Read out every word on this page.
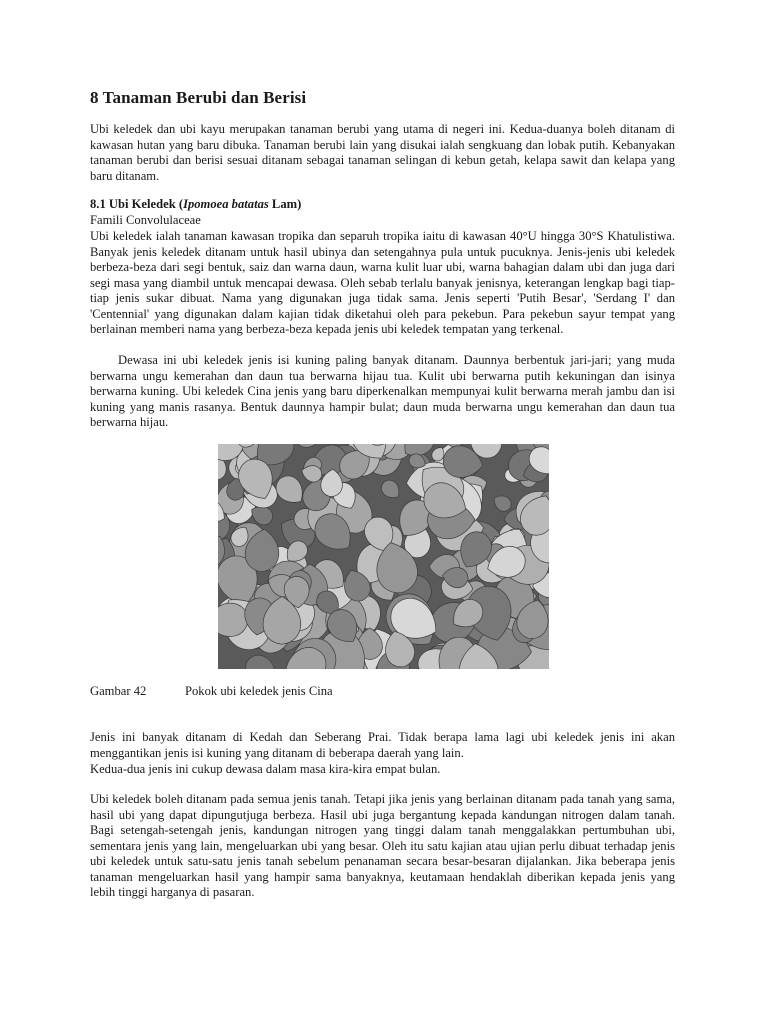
8 Tanaman Berubi dan Berisi

Ubi keledek dan ubi kayu merupakan tanaman berubi yang utama di negeri ini. Kedua-duanya boleh ditanam di kawasan hutan yang baru dibuka. Tanaman berubi lain yang disukai ialah sengkuang dan lobak putih. Kebanyakan tanaman berubi dan berisi sesuai ditanam sebagai tanaman selingan di kebun getah, kelapa sawit dan kelapa yang baru ditanam.

8.1 Ubi Keledek (Ipomoea batatas Lam)

Famili Convolulaceae

Ubi keledek ialah tanaman kawasan tropika dan separuh tropika iaitu di kawasan 40°U hingga 30°S Khatulistiwa. Banyak jenis keledek ditanam untuk hasil ubinya dan setengahnya pula untuk pucuknya. Jenis-jenis ubi keledek berbeza-beza dari segi bentuk, saiz dan warna daun, warna kulit luar ubi, warna bahagian dalam ubi dan juga dari segi masa yang diambil untuk mencapai dewasa. Oleh sebab terlalu banyak jenisnya, keterangan lengkap bagi tiap-tiap jenis sukar dibuat. Nama yang digunakan juga tidak sama. Jenis seperti 'Putih Besar', 'Serdang I' dan 'Centennial' yang digunakan dalam kajian tidak diketahui oleh para pekebun. Para pekebun sayur tempat yang berlainan memberi nama yang berbeza-beza kepada jenis ubi keledek tempatan yang terkenal.

Dewasa ini ubi keledek jenis isi kuning paling banyak ditanam. Daunnya berbentuk jari-jari; yang muda berwarna ungu kemerahan dan daun tua berwarna hijau tua. Kulit ubi berwarna putih kekuningan dan isinya berwarna kuning. Ubi keledek Cina jenis yang baru diperkenalkan mempunyai kulit berwarna merah jambu dan isi kuning yang manis rasanya. Bentuk daunnya hampir bulat; daun muda berwarna ungu kemerahan dan daun tua berwarna hijau.

Gambar 42	Pokok ubi keledek jenis Cina

Jenis ini banyak ditanam di Kedah dan Seberang Prai. Tidak berapa lama lagi ubi keledek jenis ini akan menggantikan jenis isi kuning yang ditanam di beberapa daerah yang lain.

Kedua-dua jenis ini cukup dewasa dalam masa kira-kira empat bulan.

Ubi keledek boleh ditanam pada semua jenis tanah. Tetapi jika jenis yang berlainan ditanam pada tanah yang sama, hasil ubi yang dapat dipungutjuga berbeza. Hasil ubi juga bergantung kepada kandungan nitrogen dalam tanah. Bagi setengah-setengah jenis, kandungan nitrogen yang tinggi dalam tanah menggalakkan pertumbuhan ubi, sementara jenis yang lain, mengeluarkan ubi yang besar. Oleh itu satu kajian atau ujian perlu dibuat terhadap jenis ubi keledek untuk satu-satu jenis tanah sebelum penanaman secara besar-besaran dijalankan. Jika beberapa jenis tanaman mengeluarkan hasil yang hampir sama banyaknya, keutamaan hendaklah diberikan kepada jenis yang lebih tinggi harganya di pasaran.
